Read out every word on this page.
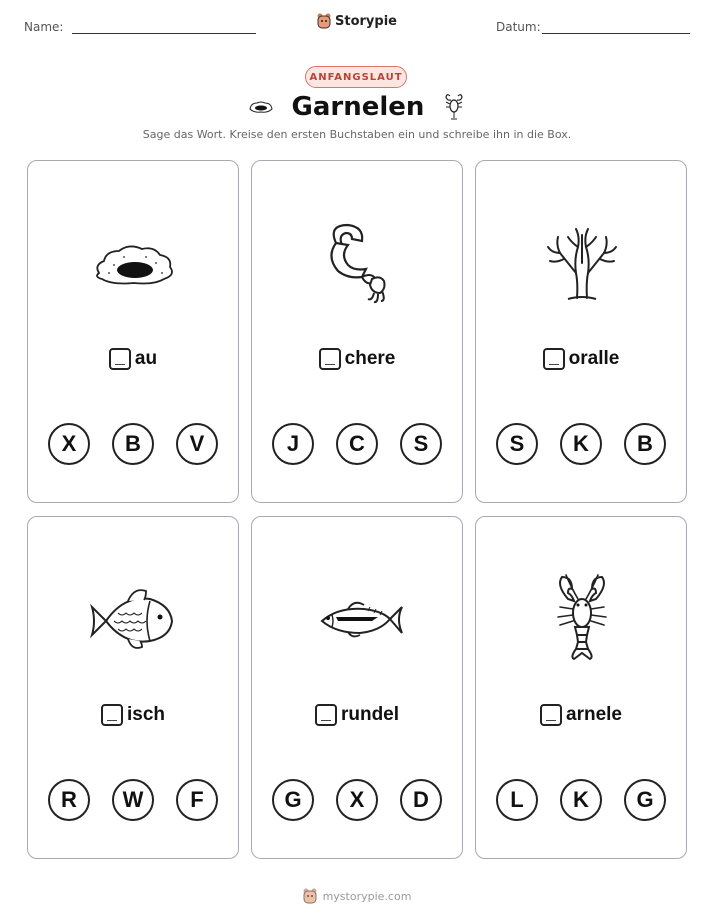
Name:	Storypie	Datum:
ANFANGSLAUT
Garnelen
Sage das Wort. Kreise den ersten Buchstaben ein und schreibe ihn in die Box.
au
X	B	V
chere
J	C	S
oralle
S	K	B
isch
R	W	F
rundel
G	X	D
arnele
L	K	G
mystorypie.com
